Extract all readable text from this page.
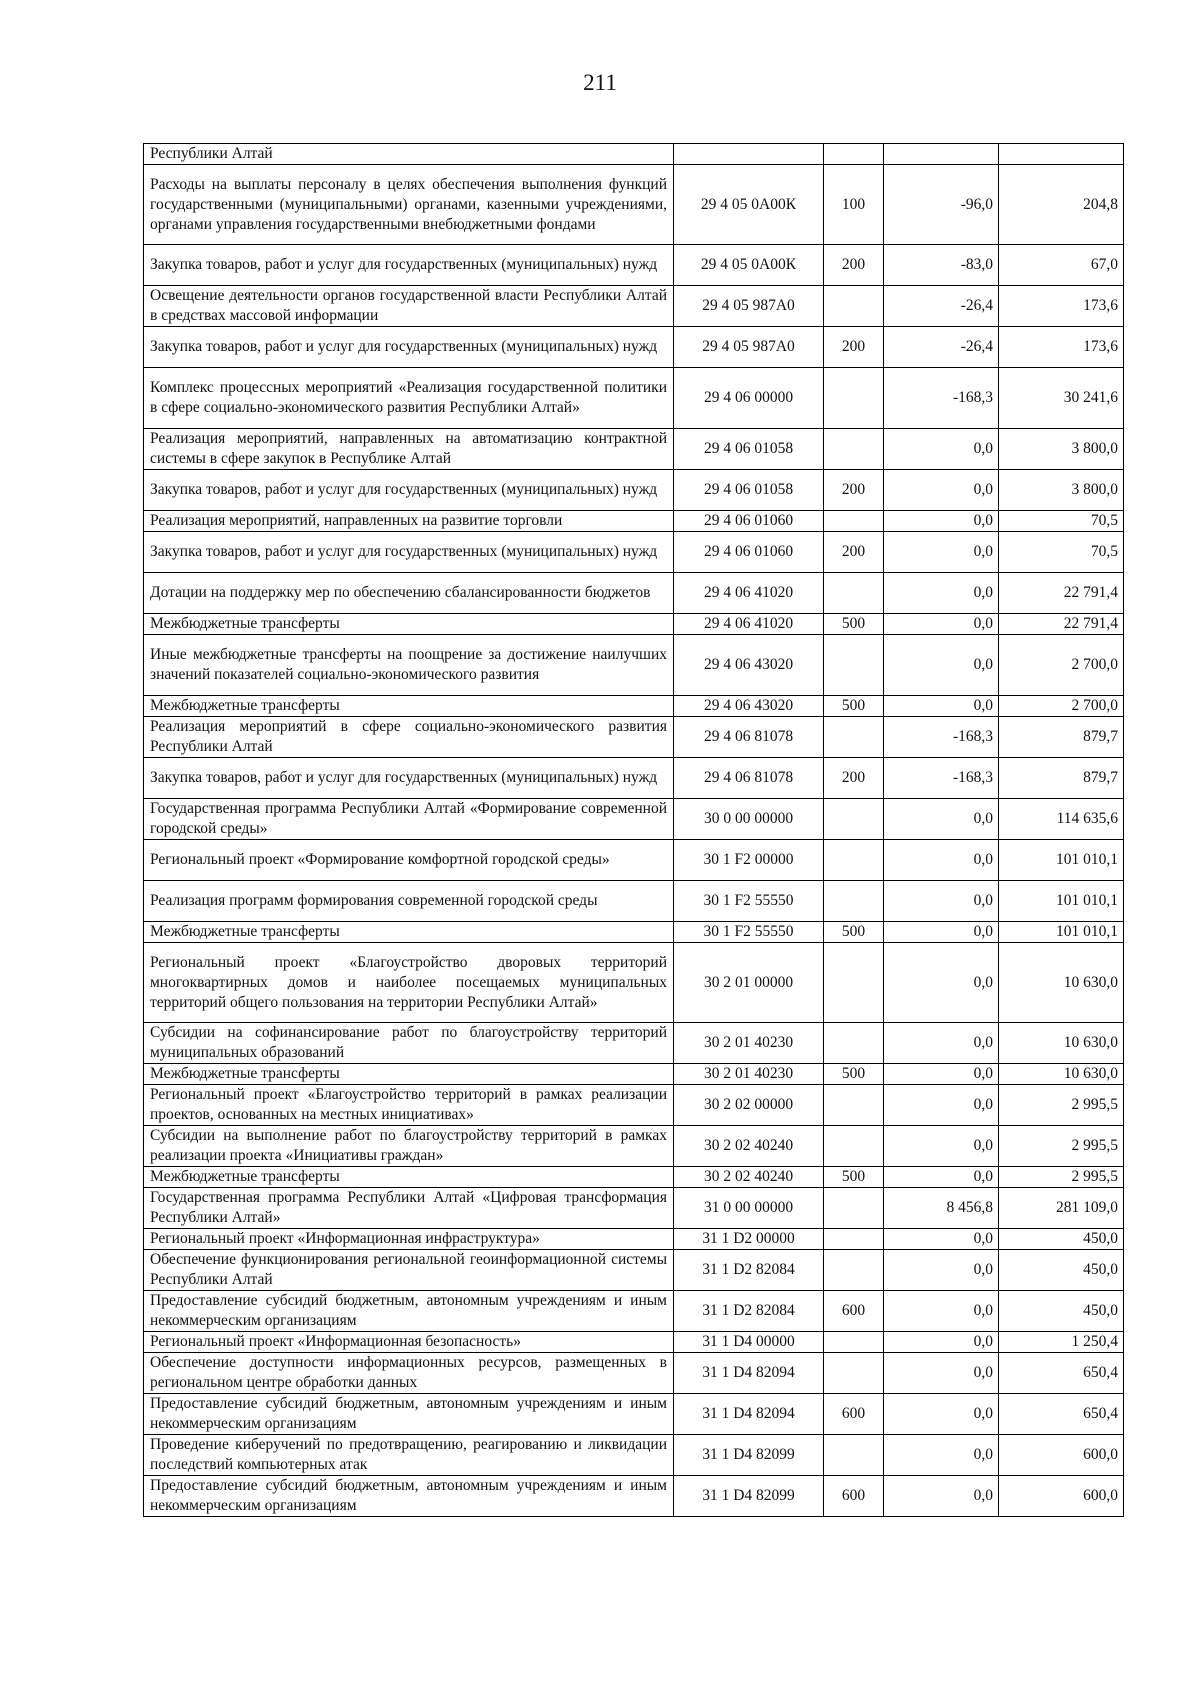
211
Республики Алтай				
Расходы на выплаты персоналу в целях обеспечения выполнения функций государственными (муниципальными) органами, казенными учреждениями, органами управления государственными внебюджетными фондами	29 4 05 0А00К	100	-96,0	204,8
Закупка товаров, работ и услуг для государственных (муниципальных) нужд	29 4 05 0А00К	200	-83,0	67,0
Освещение деятельности органов государственной власти Республики Алтай в средствах массовой информации	29 4 05 987А0		-26,4	173,6
Закупка товаров, работ и услуг для государственных (муниципальных) нужд	29 4 05 987А0	200	-26,4	173,6
Комплекс процессных мероприятий «Реализация государственной политики в сфере социально-экономического развития Республики Алтай»	29 4 06 00000		-168,3	30 241,6
Реализация мероприятий, направленных на автоматизацию контрактной системы в сфере закупок в Республике Алтай	29 4 06 01058		0,0	3 800,0
Закупка товаров, работ и услуг для государственных (муниципальных) нужд	29 4 06 01058	200	0,0	3 800,0
Реализация мероприятий, направленных на развитие торговли	29 4 06 01060		0,0	70,5
Закупка товаров, работ и услуг для государственных (муниципальных) нужд	29 4 06 01060	200	0,0	70,5
Дотации на поддержку мер по обеспечению сбалансированности бюджетов	29 4 06 41020		0,0	22 791,4
Межбюджетные трансферты	29 4 06 41020	500	0,0	22 791,4
Иные межбюджетные трансферты на поощрение за достижение наилучших значений показателей социально-экономического развития	29 4 06 43020		0,0	2 700,0
Межбюджетные трансферты	29 4 06 43020	500	0,0	2 700,0
Реализация мероприятий в сфере социально-экономического развития Республики Алтай	29 4 06 81078		-168,3	879,7
Закупка товаров, работ и услуг для государственных (муниципальных) нужд	29 4 06 81078	200	-168,3	879,7
Государственная программа Республики Алтай «Формирование современной городской среды»	30 0 00 00000		0,0	114 635,6
Региональный проект «Формирование комфортной городской среды»	30 1 F2 00000		0,0	101 010,1
Реализация программ формирования современной городской среды	30 1 F2 55550		0,0	101 010,1
Межбюджетные трансферты	30 1 F2 55550	500	0,0	101 010,1
Региональный проект «Благоустройство дворовых территорий многоквартирных домов и наиболее посещаемых муниципальных территорий общего пользования на территории Республики Алтай»	30 2 01 00000		0,0	10 630,0
Субсидии на софинансирование работ по благоустройству территорий муниципальных образований	30 2 01 40230		0,0	10 630,0
Межбюджетные трансферты	30 2 01 40230	500	0,0	10 630,0
Региональный проект «Благоустройство территорий в рамках реализации проектов, основанных на местных инициативах»	30 2 02 00000		0,0	2 995,5
Субсидии на выполнение работ по благоустройству территорий в рамках реализации проекта «Инициативы граждан»	30 2 02 40240		0,0	2 995,5
Межбюджетные трансферты	30 2 02 40240	500	0,0	2 995,5
Государственная программа Республики Алтай «Цифровая трансформация Республики Алтай»	31 0 00 00000		8 456,8	281 109,0
Региональный проект «Информационная инфраструктура»	31 1 D2 00000		0,0	450,0
Обеспечение функционирования региональной геоинформационной системы Республики Алтай	31 1 D2 82084		0,0	450,0
Предоставление субсидий бюджетным, автономным учреждениям и иным некоммерческим организациям	31 1 D2 82084	600	0,0	450,0
Региональный проект «Информационная безопасность»	31 1 D4 00000		0,0	1 250,4
Обеспечение доступности информационных ресурсов, размещенных в региональном центре обработки данных	31 1 D4 82094		0,0	650,4
Предоставление субсидий бюджетным, автономным учреждениям и иным некоммерческим организациям	31 1 D4 82094	600	0,0	650,4
Проведение киберучений по предотвращению, реагированию и ликвидации последствий компьютерных атак	31 1 D4 82099		0,0	600,0
Предоставление субсидий бюджетным, автономным учреждениям и иным некоммерческим организациям	31 1 D4 82099	600	0,0	600,0
